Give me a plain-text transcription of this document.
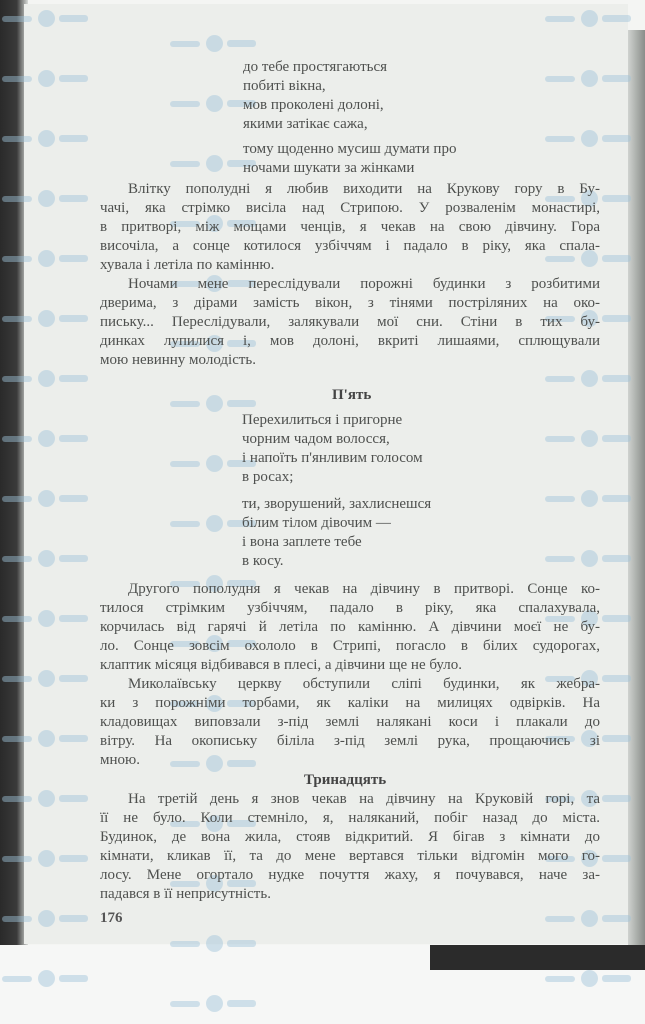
до тебе простягаються
побиті вікна,
мов проколені долоні,
якими затікає сажа,
тому щоденно мусиш думати про
ночами шукати за жінками
Влітку пополудні я любив виходити на Крукову гору в Бу-
чачі, яка стрімко висіла над Стрипою. У розваленім монастирі,
в притворі, між мощами ченців, я чекав на свою дівчину. Гора
височіла, а сонце котилося узбіччям і падало в ріку, яка спала-
хувала і летіла по камінню.
Ночами мене переслідували порожні будинки з розбитими
дверима, з дірами замість вікон, з тінями постріляних на око-
письку... Переслідували, залякували мої сни. Стіни в тих бу-
динках лупилися і, мов долоні, вкриті лишаями, сплющували
мою невинну молодість.
П'ять
Перехилиться і пригорне
чорним чадом волосся,
і напоїть п'янливим голосом
в росах;
ти, зворушений, захлиснешся
білим тілом дівочим —
і вона заплете тебе
в косу.
Другого пополудня я чекав на дівчину в притворі. Сонце ко-
тилося стрімким узбіччям, падало в ріку, яка спалахувала,
корчилась від гарячі й летіла по камінню. А дівчини моєї не бу-
ло. Сонце зовсім охололо в Стрипі, погасло в білих судорогах,
клаптик місяця відбивався в плесі, а дівчини ще не було.
Миколаївську церкву обступили сліпі будинки, як жебра-
ки з порожніми торбами, як каліки на милицях одвірків. На
кладовищах виповзали з-під землі налякані коси і плакали до
вітру. На окопиську біліла з-під землі рука, прощаючись зі
мною.
Тринадцять
На третій день я знов чекав на дівчину на Круковій горі, та
її не було. Коли стемніло, я, наляканий, побіг назад до міста.
Будинок, де вона жила, стояв відкритий. Я бігав з кімнати до
кімнати, кликав її, та до мене вертався тільки відгомін мого го-
лосу. Мене огортало нудке почуття жаху, я почувався, наче за-
падався в її неприсутність.
176
